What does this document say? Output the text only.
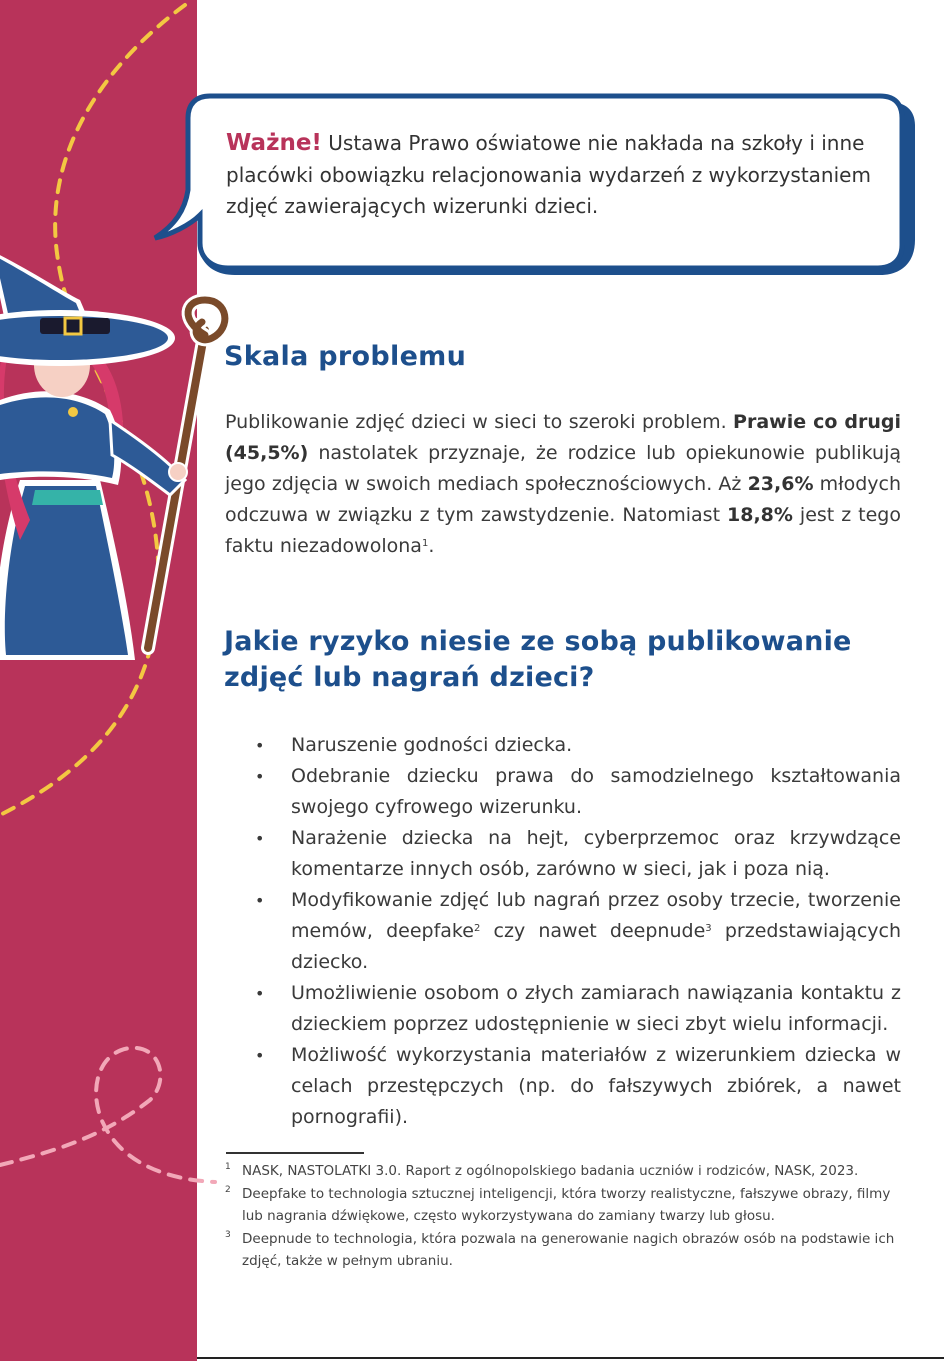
Ważne! Ustawa Prawo oświatowe nie nakłada na szkoły i inne placówki obowiązku relacjonowania wydarzeń z wykorzystaniem zdjęć zawierających wizerunki dzieci.
Skala problemu
Publikowanie zdjęć dzieci w sieci to szeroki problem. Prawie co drugi (45,5%) nastolatek przyznaje, że rodzice lub opiekunowie publikują jego zdjęcia w swoich mediach społecznościowych. Aż 23,6% młodych odczuwa w związku z tym zawstydzenie. Natomiast 18,8% jest z tego faktu niezadowolona$^1$.
Jakie ryzyko niesie ze sobą publikowanie zdjęć lub nagrań dzieci?
• Naruszenie godności dziecka.
• Odebranie dziecku prawa do samodzielnego kształtowania swojego cyfrowego wizerunku.
• Narażenie dziecka na hejt, cyberprzemoc oraz krzywdzące komentarze innych osób, zarówno w sieci, jak i poza nią.
• Modyfikowanie zdjęć lub nagrań przez osoby trzecie, tworzenie memów, deepfake$^2$ czy nawet deepnude$^3$ przedstawiających dziecko.
• Umożliwienie osobom o złych zamiarach nawiązania kontaktu z dzieckiem poprzez udostępnienie w sieci zbyt wielu informacji.
• Możliwość wykorzystania materiałów z wizerunkiem dziecka w celach przestępczych (np. do fałszywych zbiórek, a nawet pornografii).
1 NASK, NASTOLATKI 3.0. Raport z ogólnopolskiego badania uczniów i rodziców, NASK, 2023.
2 Deepfake to technologia sztucznej inteligencji, która tworzy realistyczne, fałszywe obrazy, filmy lub nagrania dźwiękowe, często wykorzystywana do zamiany twarzy lub głosu.
3 Deepnude to technologia, która pozwala na generowanie nagich obrazów osób na podstawie ich zdjęć, także w pełnym ubraniu.
